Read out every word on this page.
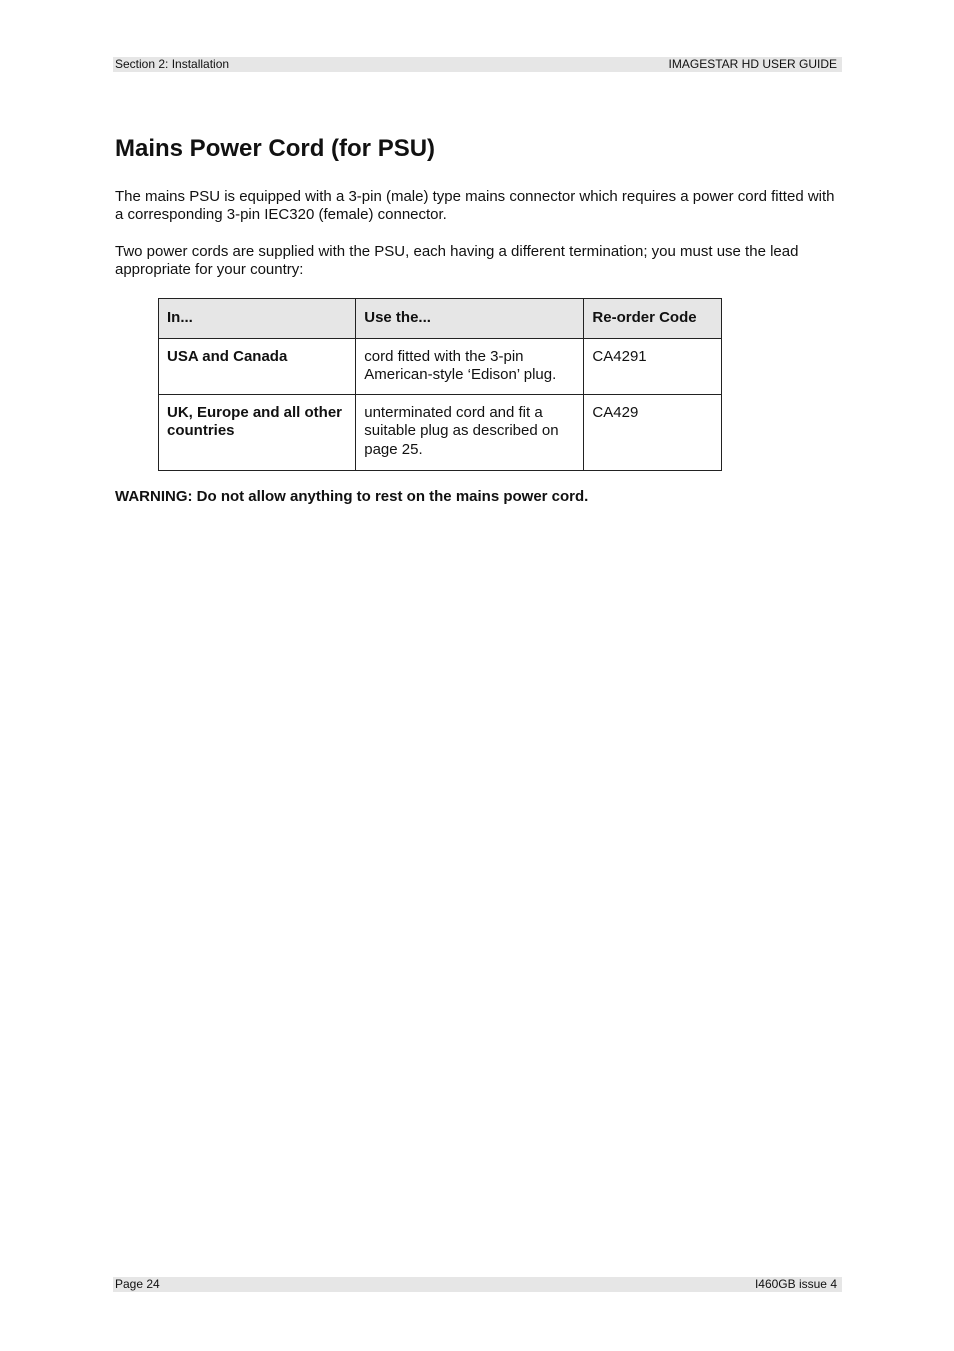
Section 2: Installation	IMAGESTAR HD USER GUIDE
Mains Power Cord (for PSU)

The mains PSU is equipped with a 3-pin (male) type mains connector which requires a power cord fitted with a corresponding 3-pin IEC320 (female) connector.

Two power cords are supplied with the PSU, each having a different termination; you must use the lead appropriate for your country:

In...	Use the...	Re-order Code
USA and Canada	cord fitted with the 3-pin American-style ‘Edison’ plug.	CA4291
UK, Europe and all other countries	unterminated cord and fit a suitable plug as described on page 25.	CA429

WARNING: Do not allow anything to rest on the mains power cord.

Page 24	I460GB issue 4
